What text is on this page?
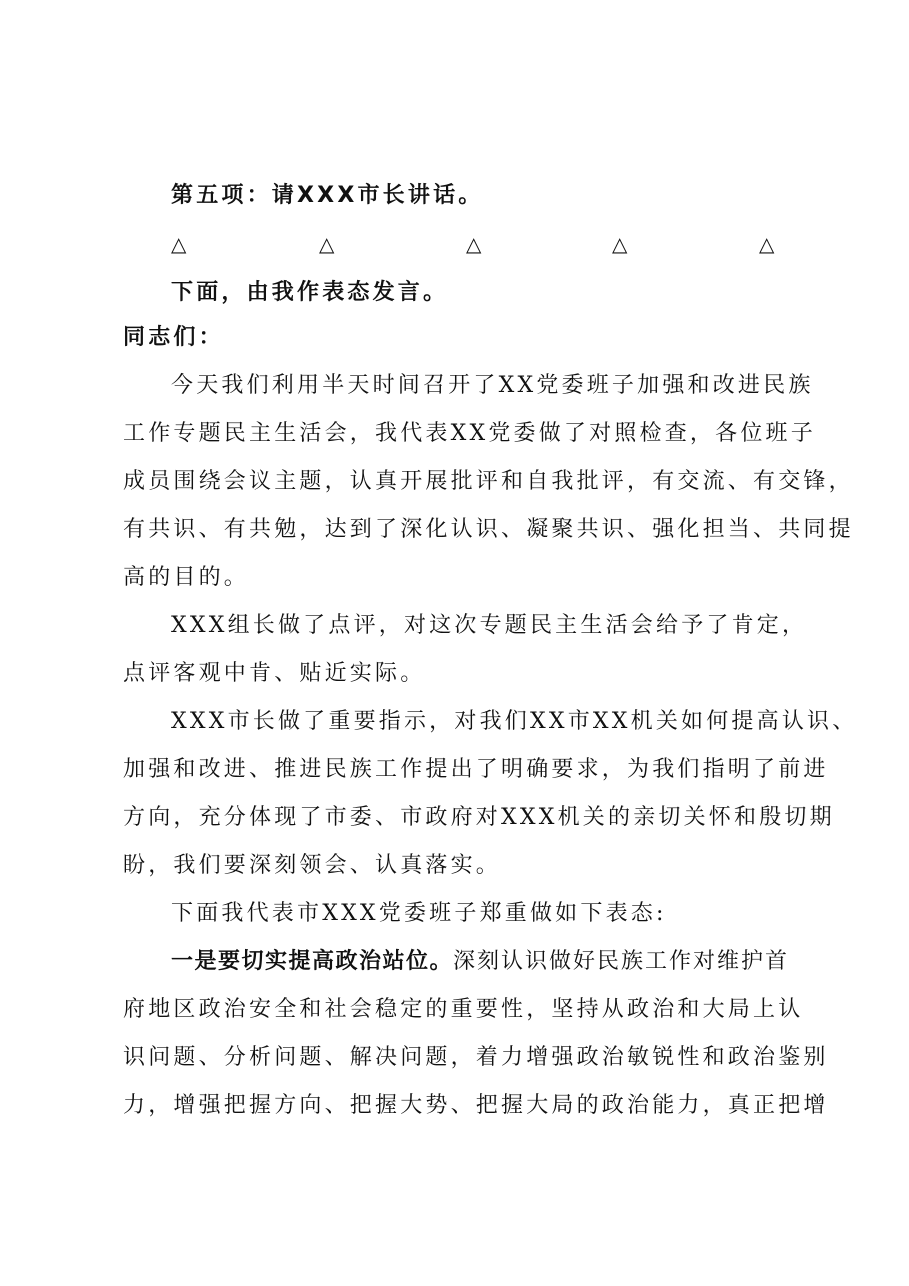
第五项：请XXX市长讲话。
△	△	△	△	△
下面，由我作表态发言。
同志们：
今天我们利用半天时间召开了XX党委班子加强和改进民族
工作专题民主生活会，我代表XX党委做了对照检查，各位班子
成员围绕会议主题，认真开展批评和自我批评，有交流、有交锋，
有共识、有共勉，达到了深化认识、凝聚共识、强化担当、共同提
高的目的。
XXX组长做了点评，对这次专题民主生活会给予了肯定，
点评客观中肯、贴近实际。
XXX市长做了重要指示，对我们XX市XX机关如何提高认识、
加强和改进、推进民族工作提出了明确要求，为我们指明了前进
方向，充分体现了市委、市政府对XXX机关的亲切关怀和殷切期
盼，我们要深刻领会、认真落实。
下面我代表市XXX党委班子郑重做如下表态:
一是要切实提高政治站位。深刻认识做好民族工作对维护首
府地区政治安全和社会稳定的重要性，坚持从政治和大局上认
识问题、分析问题、解决问题，着力增强政治敏锐性和政治鉴别
力，增强把握方向、把握大势、把握大局的政治能力，真正把增
